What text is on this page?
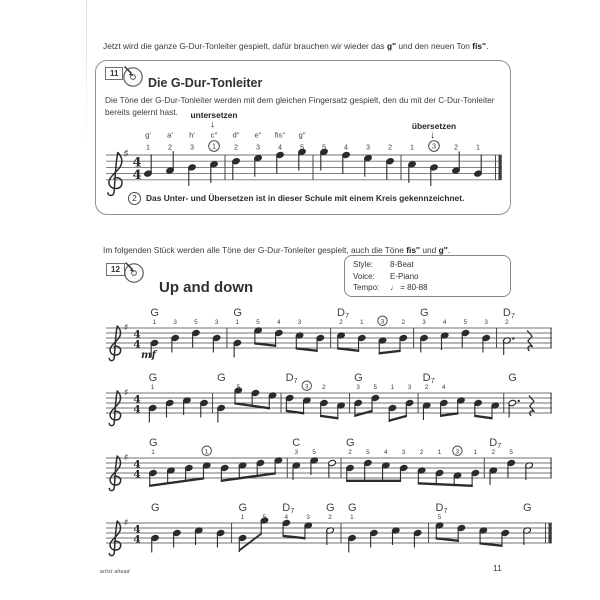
Jetzt wird die ganze G-Dur-Tonleiter gespielt, dafür brauchen wir wieder das g'' und den neuen Ton fis''.

11
Die G-Dur-Tonleiter

Die Töne der G-Dur-Tonleiter werden mit dem gleichen Fingersatz gespielt, den du mit der C-Dur-Tonleiter bereits gelernt hast.

2	Das Unter- und Übersetzen ist in dieser Schule mit einem Kreis gekennzeichnet.
untersetzen
↓	übersetzen
↓
♯
4
4
g'
1
a'
2
h'
3
c''
1
d''
2
e''
3
fis''
4
g''
5	5	4	3	2	1	3	2	1

Im folgenden Stück werden alle Töne der G-Dur-Tonleiter gespielt, auch die Töne fis'' und g''.

12
Up and down
Style:	8-Beat
Voice:	E-Piano
Tempo:	♩ = 80-88
♯
4
4
G
1	3	5	3
G
1	5	4	3
D7
2	1	3	2
G
3	4	5	3
D7
2
mf
♯
4
4
G
1
G
5
D7
3 2
G
3 5 1 3
D7
2 4
G
♯
4
4
G
1	1
C
3 5
G
2 5 4 3 2 1 3 1
D7
2 5
♯
4
4
G	G	D7	G
1	5	4	3	2
G
1
D7	G
5
artist ahead	11
